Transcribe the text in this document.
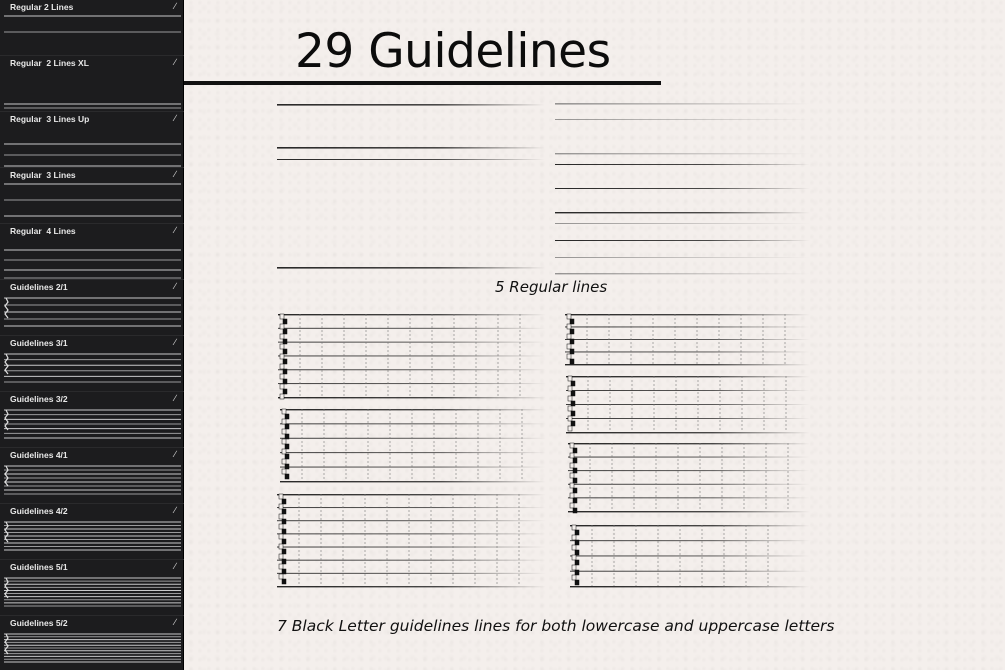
Regular 2 Lines	∕
Regular  2 Lines XL	∕
Regular  3 Lines Up	∕
Regular  3 Lines	∕
Regular  4 Lines	∕
Guidelines 2/1	∕
Guidelines 3/1	∕
Guidelines 3/2	∕
Guidelines 4/1	∕
Guidelines 4/2	∕
Guidelines 5/1	∕
Guidelines 5/2	∕
29 Guidelines
5 Regular lines
7 Black Letter guidelines lines for both lowercase and uppercase letters
